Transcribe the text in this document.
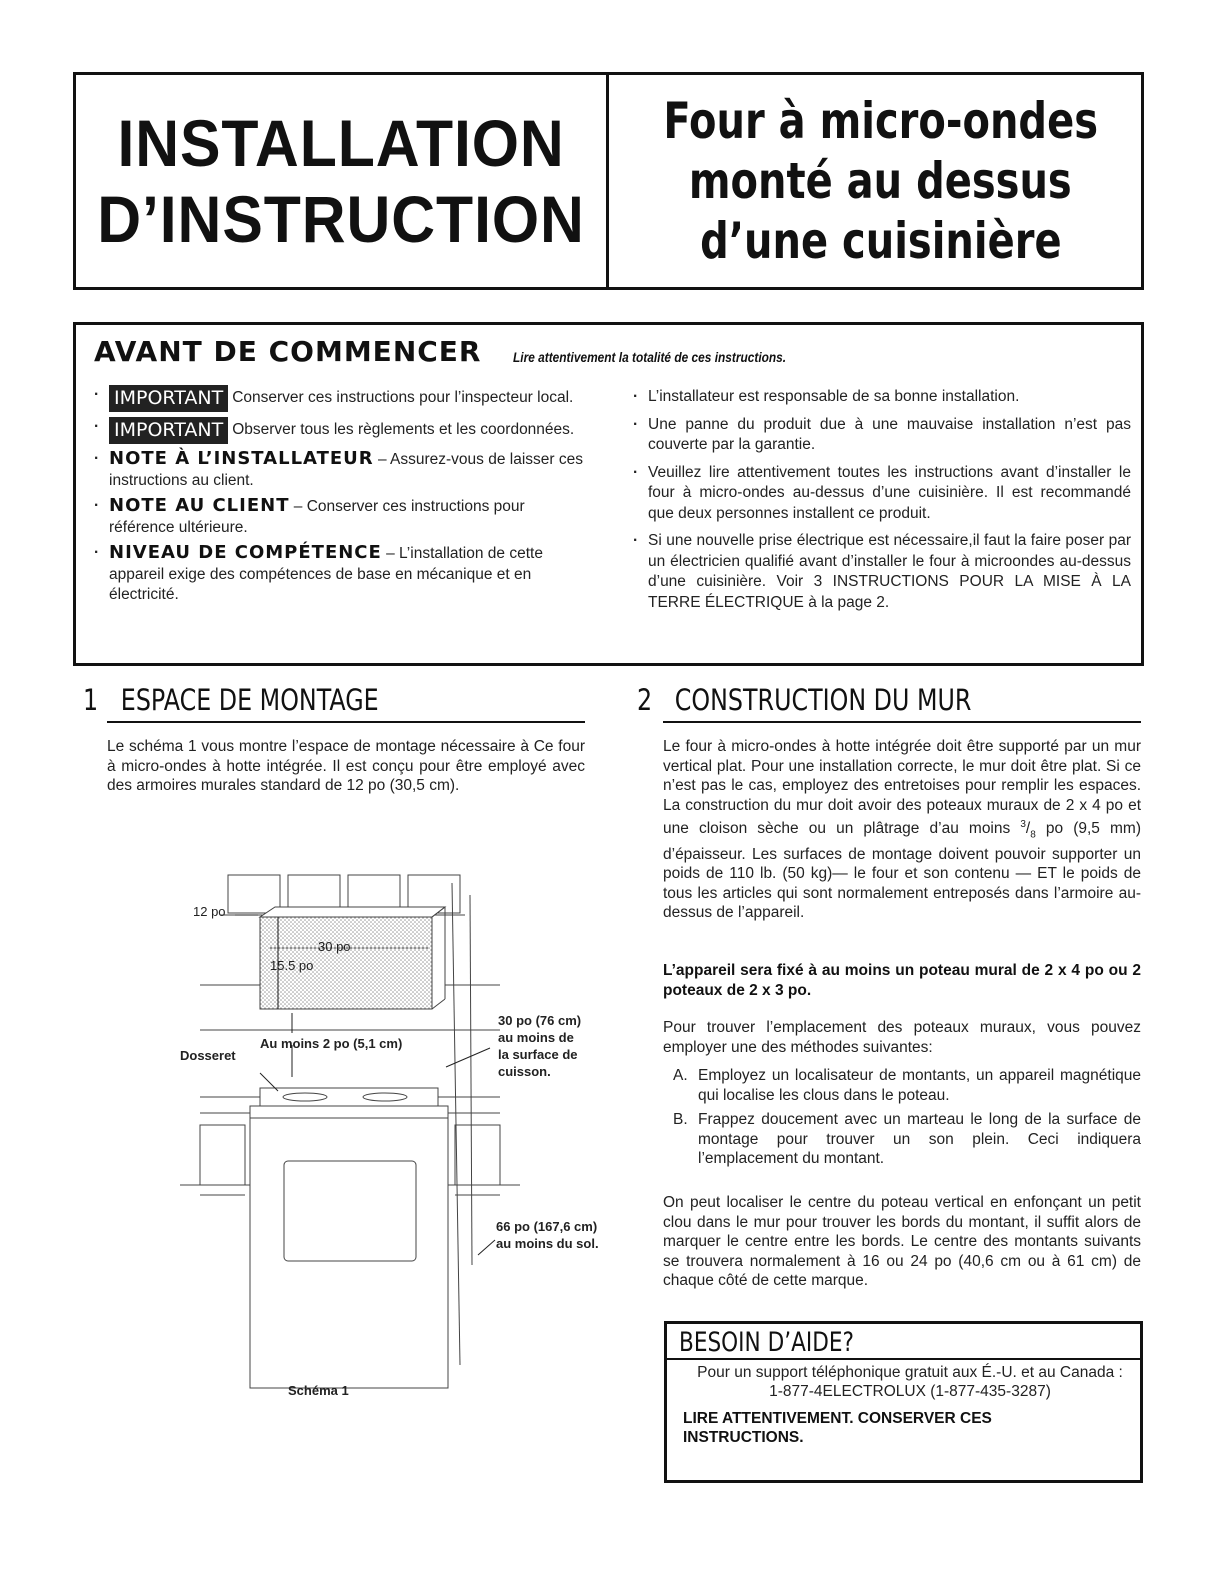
INSTALLATION
D’INSTRUCTION
Four à micro-ondes
monté au dessus
d’une cuisinière
AVANT DE COMMENCER Lire attentivement la totalité de ces instructions.
· IMPORTANT Conserver ces instructions pour l’inspecteur local.
· IMPORTANT Observer tous les règlements et les coordonnées.
· NOTE À L’INSTALLATEUR – Assurez-vous de laisser ces instructions au client.
· NOTE AU CLIENT – Conserver ces instructions pour référence ultérieure.
· NIVEAU DE COMPÉTENCE – L’installation de cette appareil exige des compétences de base en mécanique et en électricité.
· L’installateur est responsable de sa bonne installation.
· Une panne du produit due à une mauvaise installation n’est pas couverte par la garantie.
· Veuillez lire attentivement toutes les instructions avant d’installer le four à micro-ondes au-dessus d’une cuisinière. Il est recommandé que deux personnes installent ce produit.
· Si une nouvelle prise électrique est nécessaire,il faut la faire poser par un électricien qualifié avant d’installer le four à microondes au-dessus d’une cuisinière. Voir 3 INSTRUCTIONS POUR LA MISE À LA TERRE ÉLECTRIQUE à la page 2.
1 ESPACE DE MONTAGE
Le schéma 1 vous montre l’espace de montage nécessaire à Ce four à micro-ondes à hotte intégrée. Il est conçu pour être employé avec des armoires murales standard de 12 po (30,5 cm).
12 po
30 po
15.5 po
Dosseret
Au moins 2 po (5,1 cm)
30 po (76 cm)
au moins de
la surface de
cuisson.
66 po (167,6 cm)
au moins du sol.
Schéma 1
2 CONSTRUCTION DU MUR
Le four à micro-ondes à hotte intégrée doit être supporté par un mur vertical plat. Pour une installation correcte, le mur doit être plat. Si ce n’est pas le cas, employez des entretoises pour remplir les espaces. La construction du mur doit avoir des poteaux muraux de 2 x 4 po et une cloison sèche ou un plâtrage d’au moins $^3/_8$ po (9,5 mm) d’épaisseur. Les surfaces de montage doivent pouvoir supporter un poids de 110 lb. (50 kg)— le four et son contenu — ET le poids de tous les articles qui sont normalement entreposés dans l’armoire au-dessus de l’appareil.
L’appareil sera fixé à au moins un poteau mural de 2 x 4 po ou 2 poteaux de 2 x 3 po.
Pour trouver l’emplacement des poteaux muraux, vous pouvez employer une des méthodes suivantes:
A. Employez un localisateur de montants, un appareil magnétique qui localise les clous dans le poteau.
B. Frappez doucement avec un marteau le long de la surface de montage pour trouver un son plein. Ceci indiquera l’emplacement du montant.
On peut localiser le centre du poteau vertical en enfonçant un petit clou dans le mur pour trouver les bords du montant, il suffit alors de marquer le centre entre les bords. Le centre des montants suivants se trouvera normalement à 16 ou 24 po (40,6 cm ou à 61 cm) de chaque côté de cette marque.
BESOIN D’AIDE?
Pour un support téléphonique gratuit aux É.-U. et au Canada :
1-877-4ELECTROLUX (1-877-435-3287)
LIRE ATTENTIVEMENT. CONSERVER CES INSTRUCTIONS.
